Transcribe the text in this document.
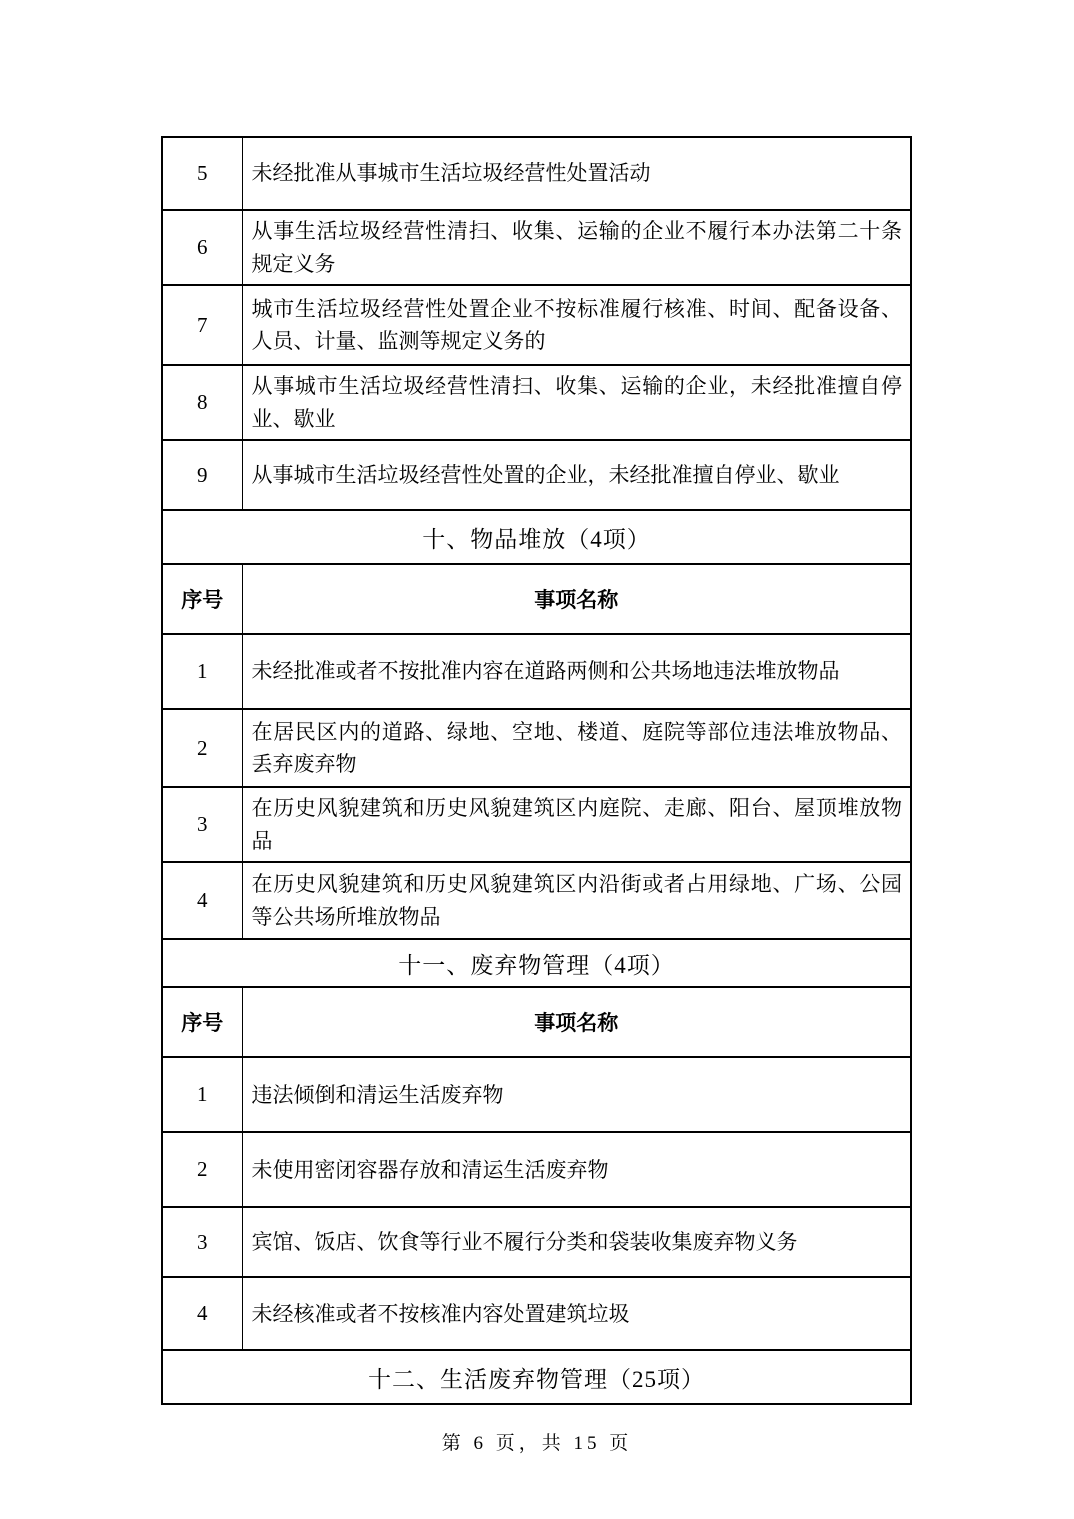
5	未经批准从事城市生活垃圾经营性处置活动
6	从事生活垃圾经营性清扫、收集、运输的企业不履行本办法第二十条规定义务
7	城市生活垃圾经营性处置企业不按标准履行核准、时间、配备设备、人员、计量、监测等规定义务的
8	从事城市生活垃圾经营性清扫、收集、运输的企业，未经批准擅自停业、歇业
9	从事城市生活垃圾经营性处置的企业，未经批准擅自停业、歇业
十、物品堆放（4项）	
序号	事项名称
1	未经批准或者不按批准内容在道路两侧和公共场地违法堆放物品
2	在居民区内的道路、绿地、空地、楼道、庭院等部位违法堆放物品、丢弃废弃物
3	在历史风貌建筑和历史风貌建筑区内庭院、走廊、阳台、屋顶堆放物品
4	在历史风貌建筑和历史风貌建筑区内沿街或者占用绿地、广场、公园等公共场所堆放物品
十一、废弃物管理（4项）	
序号	事项名称
1	违法倾倒和清运生活废弃物
2	未使用密闭容器存放和清运生活废弃物
3	宾馆、饭店、饮食等行业不履行分类和袋装收集废弃物义务
4	未经核准或者不按核准内容处置建筑垃圾
十二、生活废弃物管理（25项）	
第 6 页，共 15 页
